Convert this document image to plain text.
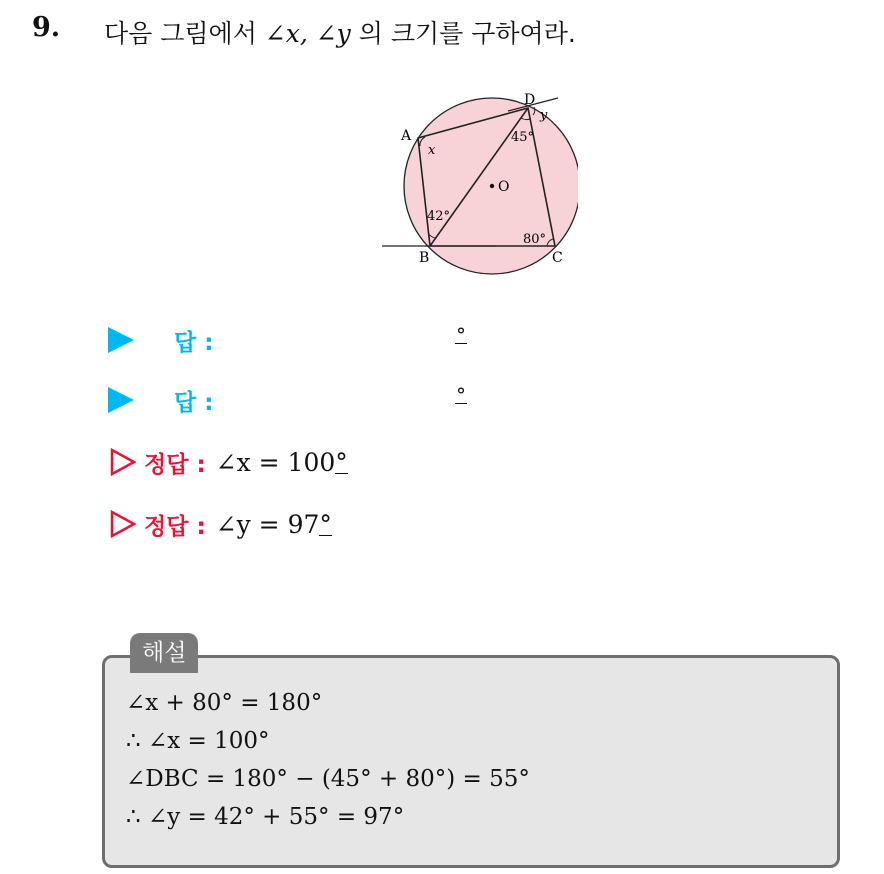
9. 다음 그림에서 ∠x, ∠y 의 크기를 구하여라.
A
B	C
D
O
x
y
45°
42°
80°
답 :	°
답 :	°
정답 : ∠x = 100°
정답 : ∠y = 97°
해설
∠x + 80° = 180°
∴ ∠x = 100°
∠DBC = 180° − (45° + 80°) = 55°
∴ ∠y = 42° + 55° = 97°
